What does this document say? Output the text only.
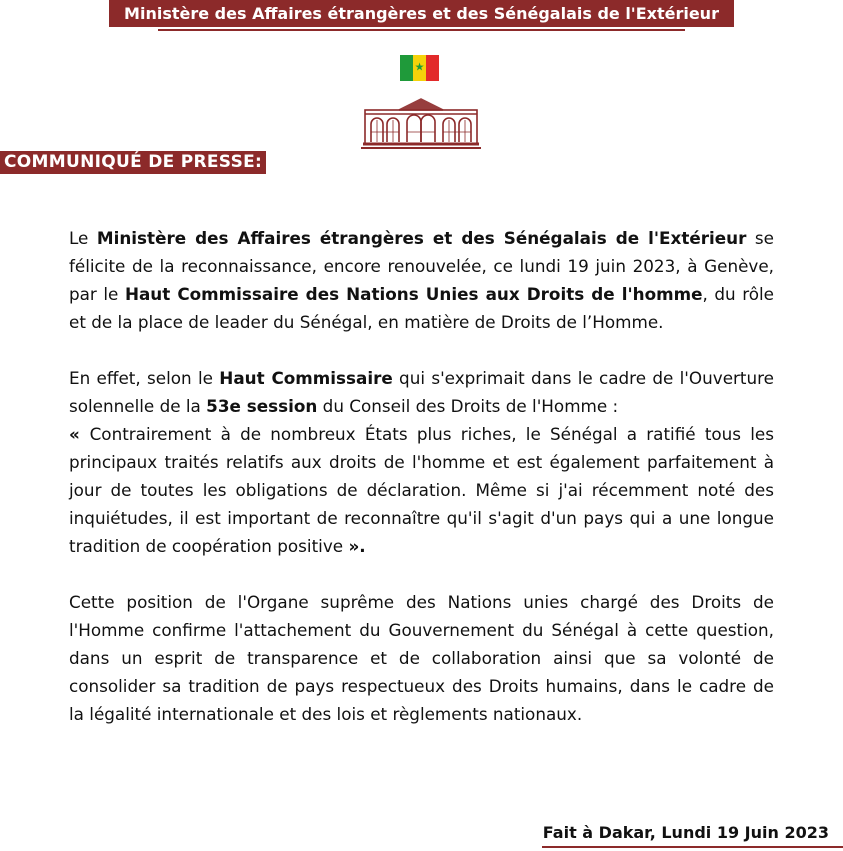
Ministère des Affaires étrangères et des Sénégalais de l'Extérieur
★
COMMUNIQUÉ DE PRESSE:

Le Ministère des Affaires étrangères et des Sénégalais de l'Extérieur se félicite de la reconnaissance, encore renouvelée, ce lundi 19 juin 2023, à Genève, par le Haut Commissaire des Nations Unies aux Droits de l'homme, du rôle et de la place de leader du Sénégal, en matière de Droits de l’Homme.

En effet, selon le Haut Commissaire qui s'exprimait dans le cadre de l'Ouverture solennelle de la 53e session du Conseil des Droits de l'Homme :
« Contrairement à de nombreux États plus riches, le Sénégal a ratifié tous les principaux traités relatifs aux droits de l'homme et est également parfaitement à jour de toutes les obligations de déclaration. Même si j'ai récemment noté des inquiétudes, il est important de reconnaître qu'il s'agit d'un pays qui a une longue tradition de coopération positive ».

Cette position de l'Organe suprême des Nations unies chargé des Droits de l'Homme confirme l'attachement du Gouvernement du Sénégal à cette question, dans un esprit de transparence et de collaboration ainsi que sa volonté de consolider sa tradition de pays respectueux des Droits humains, dans le cadre de la légalité internationale et des lois et règlements nationaux.

Fait à Dakar, Lundi 19 Juin 2023
